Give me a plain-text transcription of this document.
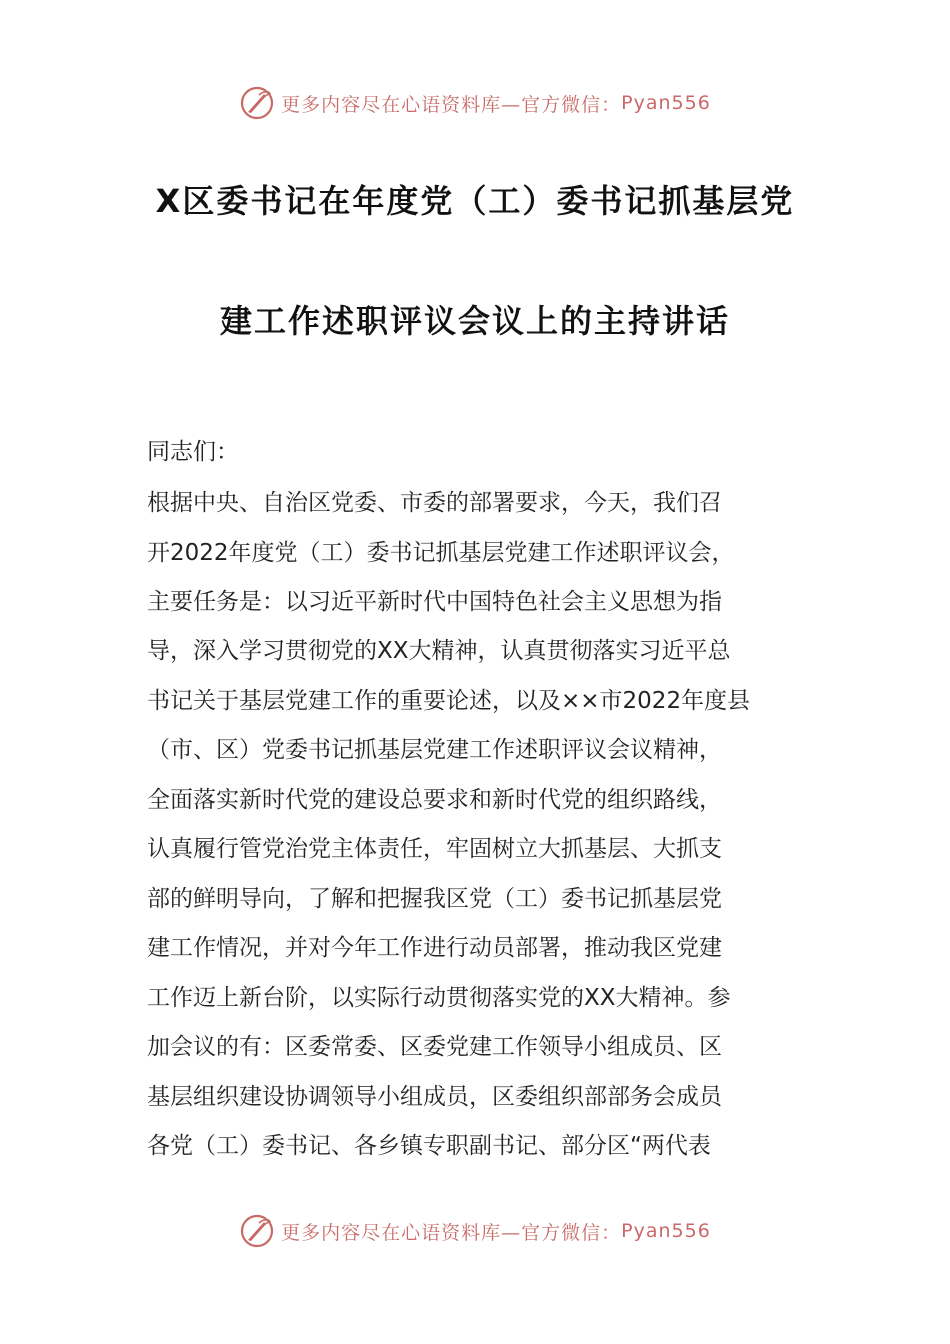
更多内容尽在心语资料库—官方微信： Pyan556
X区委书记在年度党（工）委书记抓基层党
建工作述职评议会议上的主持讲话
同志们：
根据中央、自治区党委、市委的部署要求，今天，我们召
开2022年度党（工）委书记抓基层党建工作述职评议会，
主要任务是：以习近平新时代中国特色社会主义思想为指
导，深入学习贯彻党的XX大精神，认真贯彻落实习近平总
书记关于基层党建工作的重要论述，以及××市2022年度县
（市、区）党委书记抓基层党建工作述职评议会议精神，
全面落实新时代党的建设总要求和新时代党的组织路线，
认真履行管党治党主体责任，牢固树立大抓基层、大抓支
部的鲜明导向，了解和把握我区党（工）委书记抓基层党
建工作情况，并对今年工作进行动员部署，推动我区党建
工作迈上新台阶，以实际行动贯彻落实党的XX大精神。参
加会议的有：区委常委、区委党建工作领导小组成员、区
基层组织建设协调领导小组成员，区委组织部部务会成员
各党（工）委书记、各乡镇专职副书记、部分区“两代表
更多内容尽在心语资料库—官方微信： Pyan556
